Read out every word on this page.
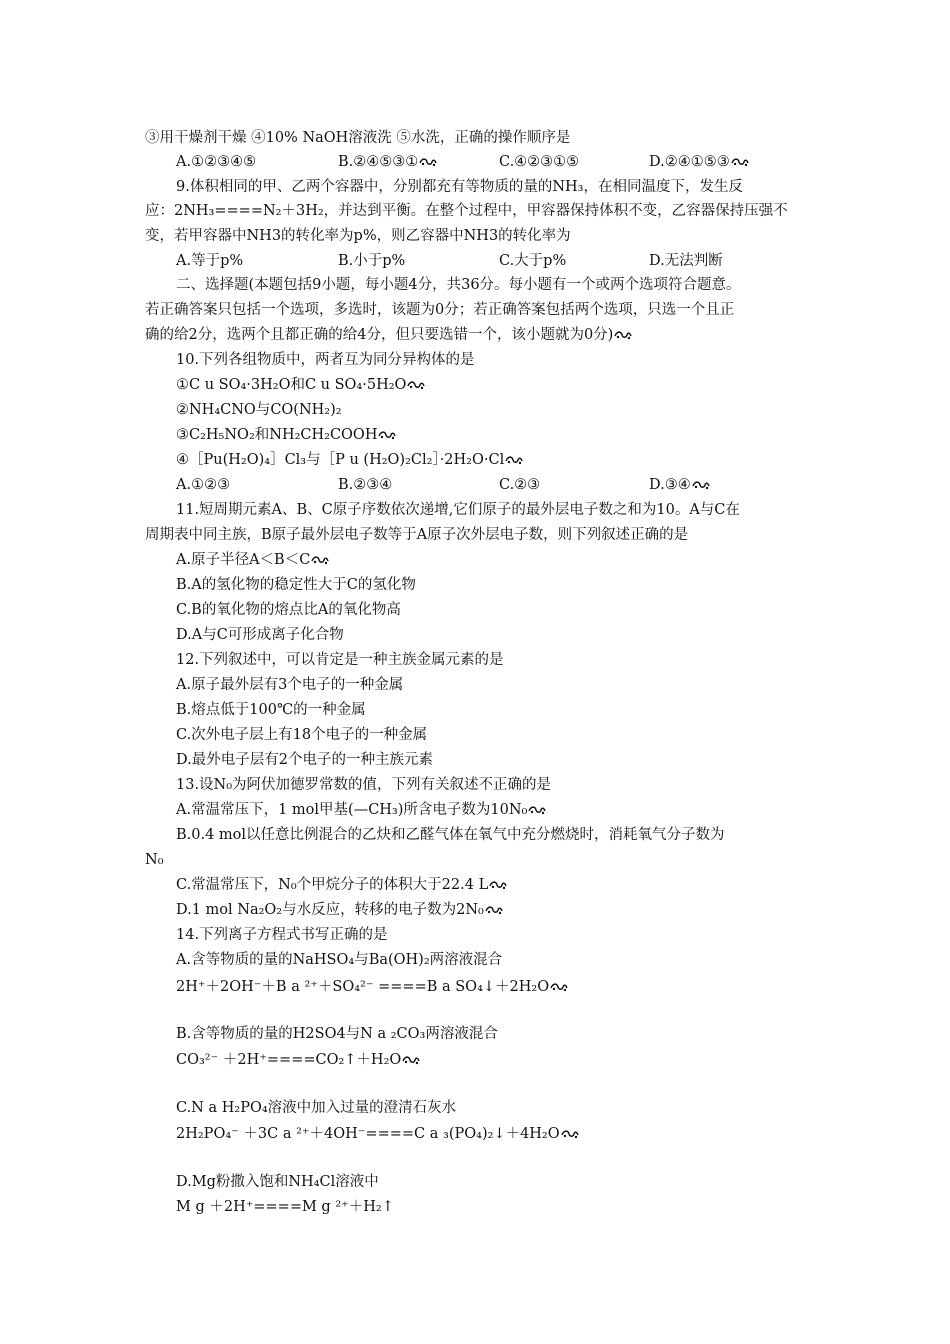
③用干燥剂干燥 ④10% NaOH溶液洗 ⑤水洗，正确的操作顺序是
A.①②③④⑤	B.②④⑤③①	C.④②③①⑤	D.②④①⑤③
9.体积相同的甲、乙两个容器中，分别都充有等物质的量的NH₃，在相同温度下，发生反
应：2NH₃====N₂＋3H₂，并达到平衡。在整个过程中，甲容器保持体积不变，乙容器保持压强不
变，若甲容器中NH3的转化率为p%，则乙容器中NH3的转化率为
A.等于p%	B.小于p%	C.大于p%	D.无法判断
二、选择题(本题包括9小题，每小题4分，共36分。每小题有一个或两个选项符合题意。
若正确答案只包括一个选项，多选时，该题为0分；若正确答案包括两个选项，只选一个且正
确的给2分，选两个且都正确的给4分，但只要选错一个，该小题就为0分)
10.下列各组物质中，两者互为同分异构体的是
①C u SO₄·3H₂O和C u SO₄·5H₂O
②NH₄CNO与CO(NH₂)₂
③C₂H₅NO₂和NH₂CH₂COOH
④［Pu(H₂O)₄］Cl₃与［P u (H₂O)₂Cl₂］·2H₂O·Cl
A.①②③	B.②③④	C.②③	D.③④
11.短周期元素A、B、C原子序数依次递增,它们原子的最外层电子数之和为10。A与C在
周期表中同主族，B原子最外层电子数等于A原子次外层电子数，则下列叙述正确的是
A.原子半径A＜B＜C
B.A的氢化物的稳定性大于C的氢化物
C.B的氧化物的熔点比A的氧化物高
D.A与C可形成离子化合物
12.下列叙述中，可以肯定是一种主族金属元素的是
A.原子最外层有3个电子的一种金属
B.熔点低于100℃的一种金属
C.次外电子层上有18个电子的一种金属
D.最外电子层有2个电子的一种主族元素
13.设N₀为阿伏加德罗常数的值，下列有关叙述不正确的是
A.常温常压下，1 mol甲基(—CH₃)所含电子数为10N₀
B.0.4 mol以任意比例混合的乙炔和乙醛气体在氧气中充分燃烧时，消耗氧气分子数为
N₀
C.常温常压下，N₀个甲烷分子的体积大于22.4 L
D.1 mol Na₂O₂与水反应，转移的电子数为2N₀
14.下列离子方程式书写正确的是
A.含等物质的量的NaHSO₄与Ba(OH)₂两溶液混合
2H⁺＋2OH⁻＋B a ²⁺＋SO₄²⁻ ====B a SO₄↓＋2H₂O
B.含等物质的量的H2SO4与N a ₂CO₃两溶液混合
CO₃²⁻ ＋2H⁺====CO₂↑＋H₂O
C.N a H₂PO₄溶液中加入过量的澄清石灰水
2H₂PO₄⁻ ＋3C a ²⁺＋4OH⁻====C a ₃(PO₄)₂↓＋4H₂O
D.Mg粉撒入饱和NH₄Cl溶液中
M g ＋2H⁺====M g ²⁺＋H₂↑
